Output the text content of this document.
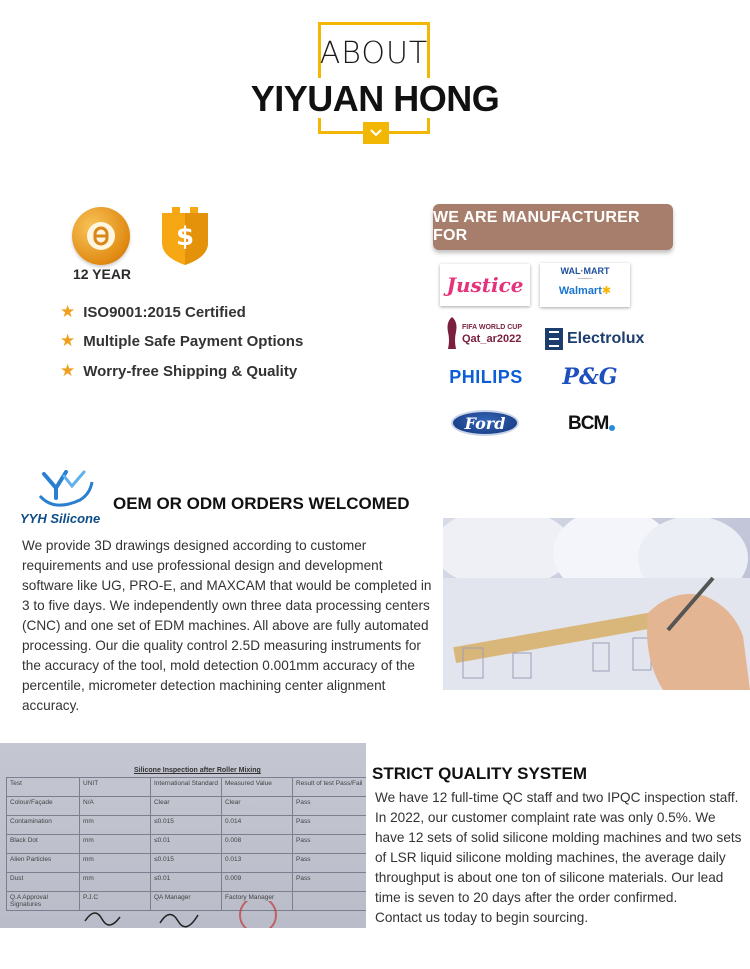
ABOUT
YIYUAN HONG
12 YEAR
$
★ ISO9001:2015 Certified
★ Multiple Safe Payment Options
★ Worry-free Shipping & Quality
WE ARE MANUFACTURER FOR
Justice
WAL·MART
———
Walmart✱
FIFA WORLD CUP
Qat_ar2022	Electrolux
PHILIPS P&G
Ford	BCM
YYH Silicone
OEM OR ODM ORDERS WELCOMED
We provide 3D drawings designed according to customer
requirements and use professional design and development
software like UG, PRO-E, and MAXCAM that would be completed in
3 to five days. We independently own three data processing centers
(CNC) and one set of EDM machines. All above are fully automated
processing. Our die quality control 2.5D measuring instruments for
the accuracy of the tool, mold detection 0.001mm accuracy of the
percentile, micrometer detection machining center alignment
accuracy.
Silicone Inspection after Roller Mixing
Test	UNIT	International Standard	Measured Value	Result of test Pass/Fail
Colour/Façade	N/A	Clear	Clear	Pass
Contamination	mm	≤0.015	0.014	Pass
Black Dot	mm	≤0.01	0.008	Pass
Alien Particles	mm	≤0.015	0.013	Pass
Dust	mm	≤0.01	0.009	Pass
Q.A Approval Signatures	P.J.C	QA Manager	Factory Manager	
STRICT QUALITY SYSTEM
We have 12 full-time QC staff and two IPQC inspection staff.
In 2022, our customer complaint rate was only 0.5%. We
have 12 sets of solid silicone molding machines and two sets
of LSR liquid silicone molding machines, the average daily
throughput is about one ton of silicone materials. Our lead
time is seven to 20 days after the order confirmed.
Contact us today to begin sourcing.
